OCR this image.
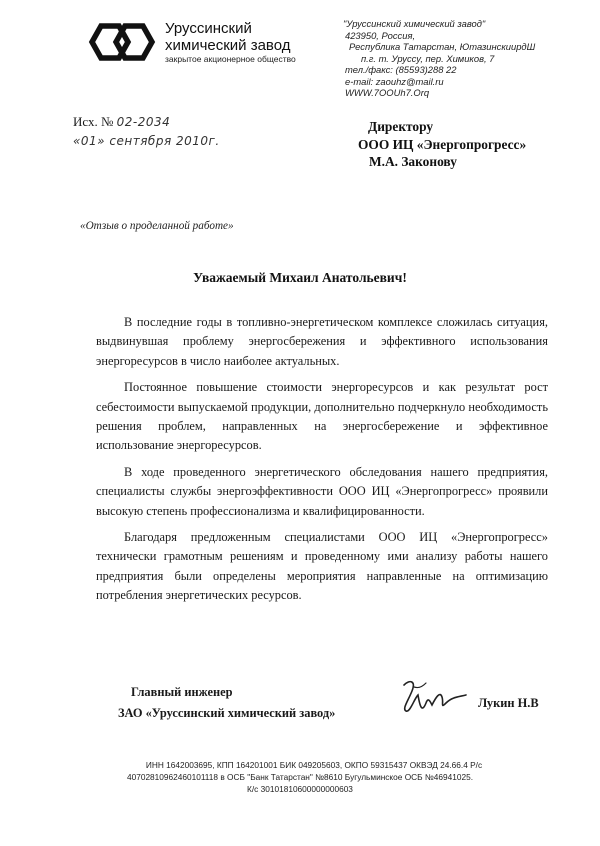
Уруссинский
химический завод
закрытое акционерное общество
"Уруссинский химический завод"
423950, Россия,
Республика Татарстан, ЮтазинскиирдШ
п.г. т. Уруссу, пер. Химиков, 7
тел./факс: (85593)288 22
e-mail: zaouhz@mail.ru
WWW.7OOUh7.Orq
Исх. № 02-2034
«01» сентября 2010г.
Директору
ООО ИЦ «Энергопрогресс»
М.А. Законову
«Отзыв о проделанной работе»
Уважаемый Михаил Анатольевич!

В последние годы в топливно-энергетическом комплексе сложилась ситуация, выдвинувшая проблему энергосбережения и эффективного использования энергоресурсов в число наиболее актуальных.

Постоянное повышение стоимости энергоресурсов и как результат рост себестоимости выпускаемой продукции, дополнительно подчеркнуло необходимость решения проблем, направленных на энергосбережение и эффективное использование энергоресурсов.

В ходе проведенного энергетического обследования нашего предприятия, специалисты службы энергоэффективности ООО ИЦ «Энергопрогресс» проявили высокую степень профессионализма и квалифицированности.

Благодаря предложенным специалистами ООО ИЦ «Энергопрогресс» технически грамотным решениям и проведенному ими анализу работы нашего предприятия были определены мероприятия направленные на оптимизацию потребления энергетических ресурсов.

Главный инженер
ЗАО «Уруссинский химический завод»
Лукин Н.В
ИНН 1642003695, КПП 164201001 БИК 049205603, ОКПО 59315437 ОКВЭД 24.66.4 Р/с
40702810962460101118 в ОСБ "Банк Татарстан" №8610 Бугульминское ОСБ №46941025.
К/с 30101810600000000603
